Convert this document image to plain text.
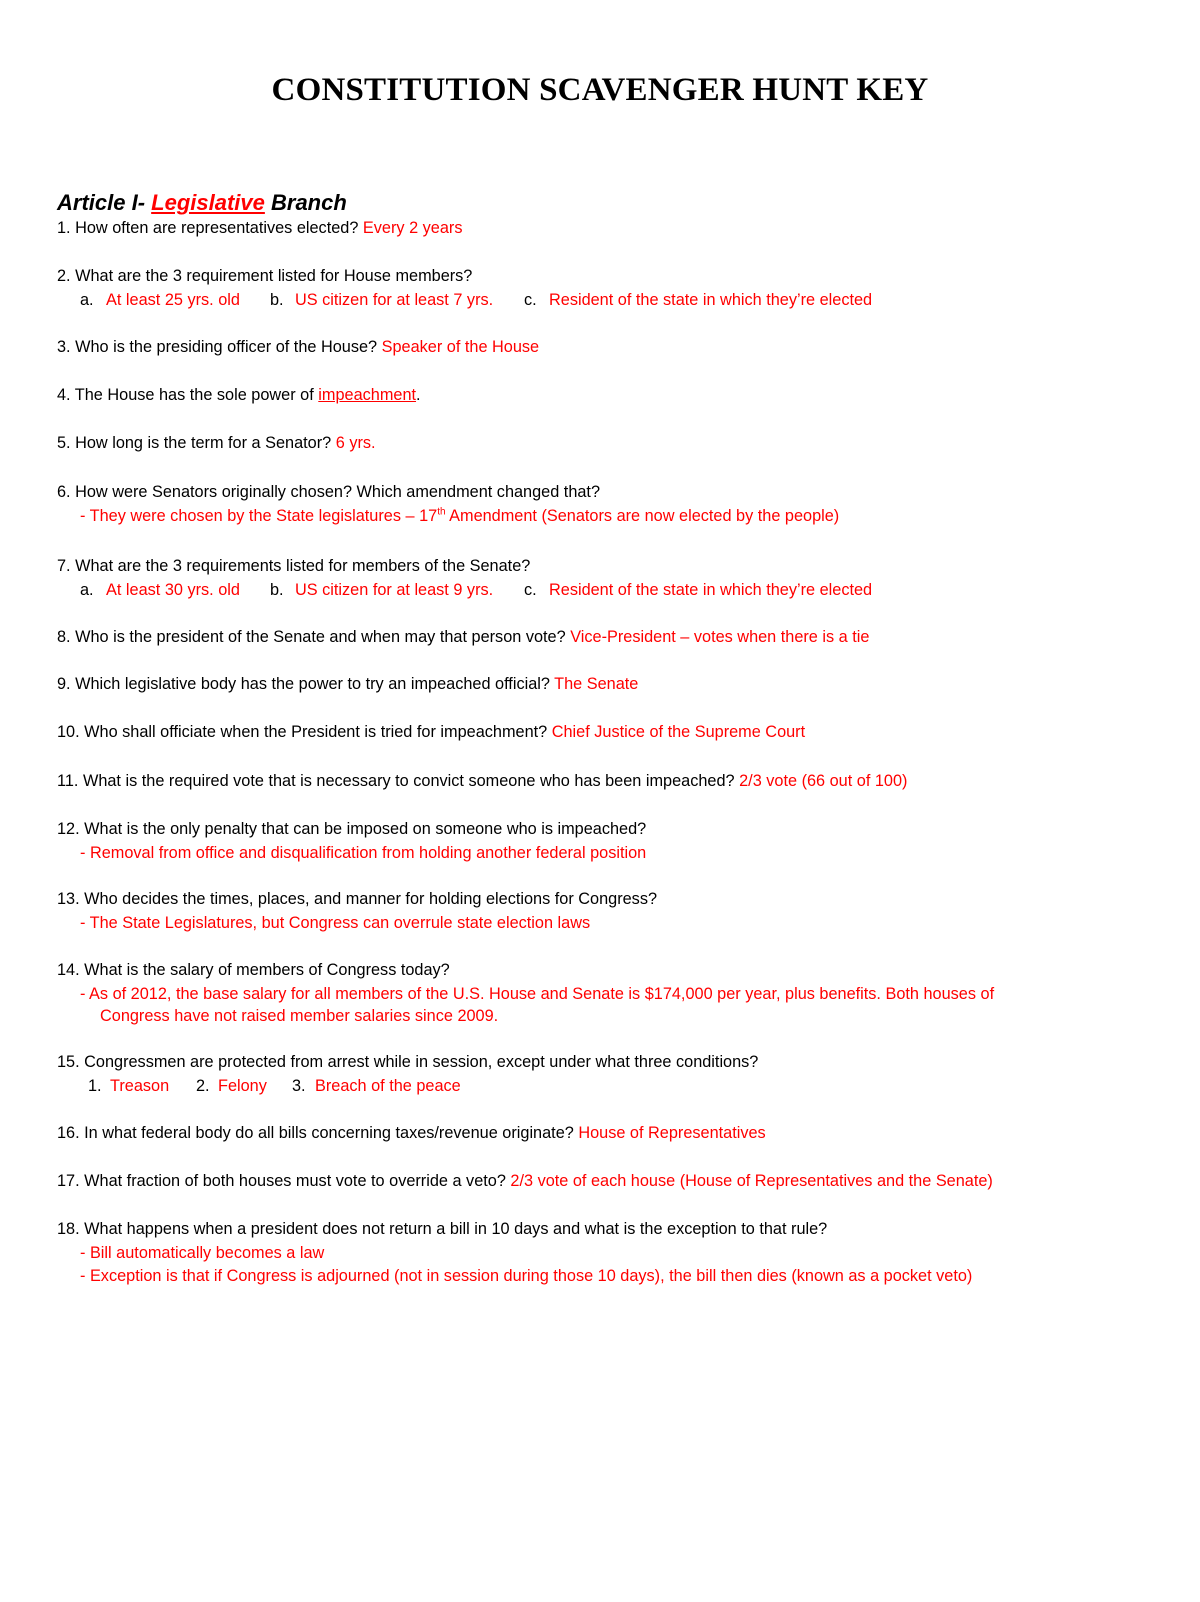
CONSTITUTION SCAVENGER HUNT KEY
Article I- Legislative Branch
1. How often are representatives elected? Every 2 years
2. What are the 3 requirement listed for House members?
a. At least 25 yrs. old b. US citizen for at least 7 yrs. c. Resident of the state in which they’re elected
3. Who is the presiding officer of the House? Speaker of the House
4. The House has the sole power of impeachment.
5. How long is the term for a Senator? 6 yrs.
6. How were Senators originally chosen? Which amendment changed that?
- They were chosen by the State legislatures – 17th Amendment (Senators are now elected by the people)
7. What are the 3 requirements listed for members of the Senate?
a. At least 30 yrs. old b. US citizen for at least 9 yrs. c. Resident of the state in which they’re elected
8. Who is the president of the Senate and when may that person vote? Vice-President – votes when there is a tie
9. Which legislative body has the power to try an impeached official? The Senate
10. Who shall officiate when the President is tried for impeachment? Chief Justice of the Supreme Court
11. What is the required vote that is necessary to convict someone who has been impeached? 2/3 vote (66 out of 100)
12. What is the only penalty that can be imposed on someone who is impeached?
- Removal from office and disqualification from holding another federal position
13. Who decides the times, places, and manner for holding elections for Congress?
- The State Legislatures, but Congress can overrule state election laws
14. What is the salary of members of Congress today?
- As of 2012, the base salary for all members of the U.S. House and Senate is $174,000 per year, plus benefits. Both houses of
Congress have not raised member salaries since 2009.
15. Congressmen are protected from arrest while in session, except under what three conditions?
1. Treason 2. Felony 3. Breach of the peace
16. In what federal body do all bills concerning taxes/revenue originate? House of Representatives
17. What fraction of both houses must vote to override a veto? 2/3 vote of each house (House of Representatives and the Senate)
18. What happens when a president does not return a bill in 10 days and what is the exception to that rule?
- Bill automatically becomes a law
- Exception is that if Congress is adjourned (not in session during those 10 days), the bill then dies (known as a pocket veto)
